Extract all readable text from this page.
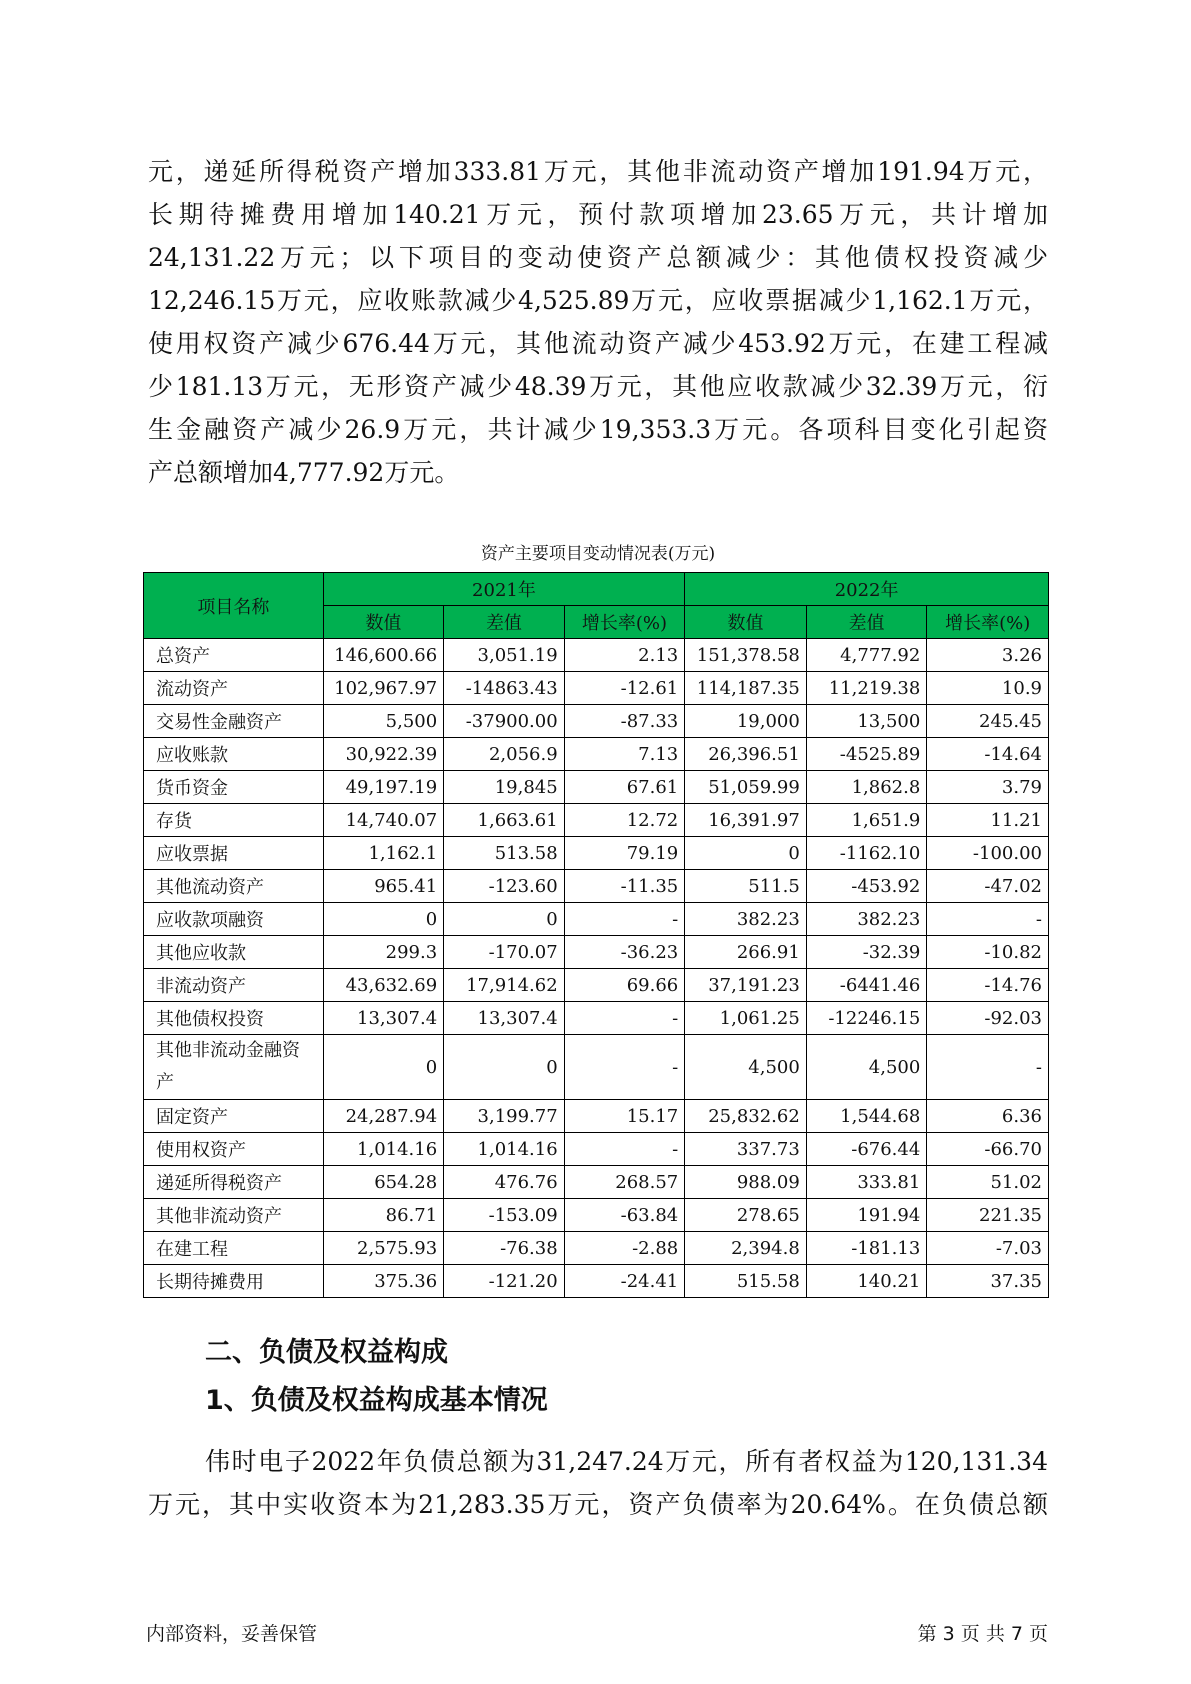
元，递延所得税资产增加333.81万元，其他非流动资产增加191.94万元，
长期待摊费用增加140.21万元，预付款项增加23.65万元，共计增加
24,131.22万元；以下项目的变动使资产总额减少：其他债权投资减少
12,246.15万元，应收账款减少4,525.89万元，应收票据减少1,162.1万元，
使用权资产减少676.44万元，其他流动资产减少453.92万元，在建工程减
少181.13万元，无形资产减少48.39万元，其他应收款减少32.39万元，衍
生金融资产减少26.9万元，共计减少19,353.3万元。各项科目变化引起资
产总额增加4,777.92万元。
资产主要项目变动情况表(万元)
项目名称	2021年			2022年		
	数值	差值	增长率(%)	数值	差值	增长率(%)
总资产	146,600.66	3,051.19	2.13	151,378.58	4,777.92	3.26
流动资产	102,967.97	-14863.43	-12.61	114,187.35	11,219.38	10.9
交易性金融资产	5,500	-37900.00	-87.33	19,000	13,500	245.45
应收账款	30,922.39	2,056.9	7.13	26,396.51	-4525.89	-14.64
货币资金	49,197.19	19,845	67.61	51,059.99	1,862.8	3.79
存货	14,740.07	1,663.61	12.72	16,391.97	1,651.9	11.21
应收票据	1,162.1	513.58	79.19	0	-1162.10	-100.00
其他流动资产	965.41	-123.60	-11.35	511.5	-453.92	-47.02
应收款项融资	0	0	-	382.23	382.23	-
其他应收款	299.3	-170.07	-36.23	266.91	-32.39	-10.82
非流动资产	43,632.69	17,914.62	69.66	37,191.23	-6441.46	-14.76
其他债权投资	13,307.4	13,307.4	-	1,061.25	-12246.15	-92.03
其他非流动金融资产	0	0	-	4,500	4,500	-
固定资产	24,287.94	3,199.77	15.17	25,832.62	1,544.68	6.36
使用权资产	1,014.16	1,014.16	-	337.73	-676.44	-66.70
递延所得税资产	654.28	476.76	268.57	988.09	333.81	51.02
其他非流动资产	86.71	-153.09	-63.84	278.65	191.94	221.35
在建工程	2,575.93	-76.38	-2.88	2,394.8	-181.13	-7.03
长期待摊费用	375.36	-121.20	-24.41	515.58	140.21	37.35
二、负债及权益构成
1、负债及权益构成基本情况
伟时电子2022年负债总额为31,247.24万元，所有者权益为120,131.34
万元，其中实收资本为21,283.35万元，资产负债率为20.64%。在负债总额
内部资料，妥善保管	第 3 页 共 7 页
